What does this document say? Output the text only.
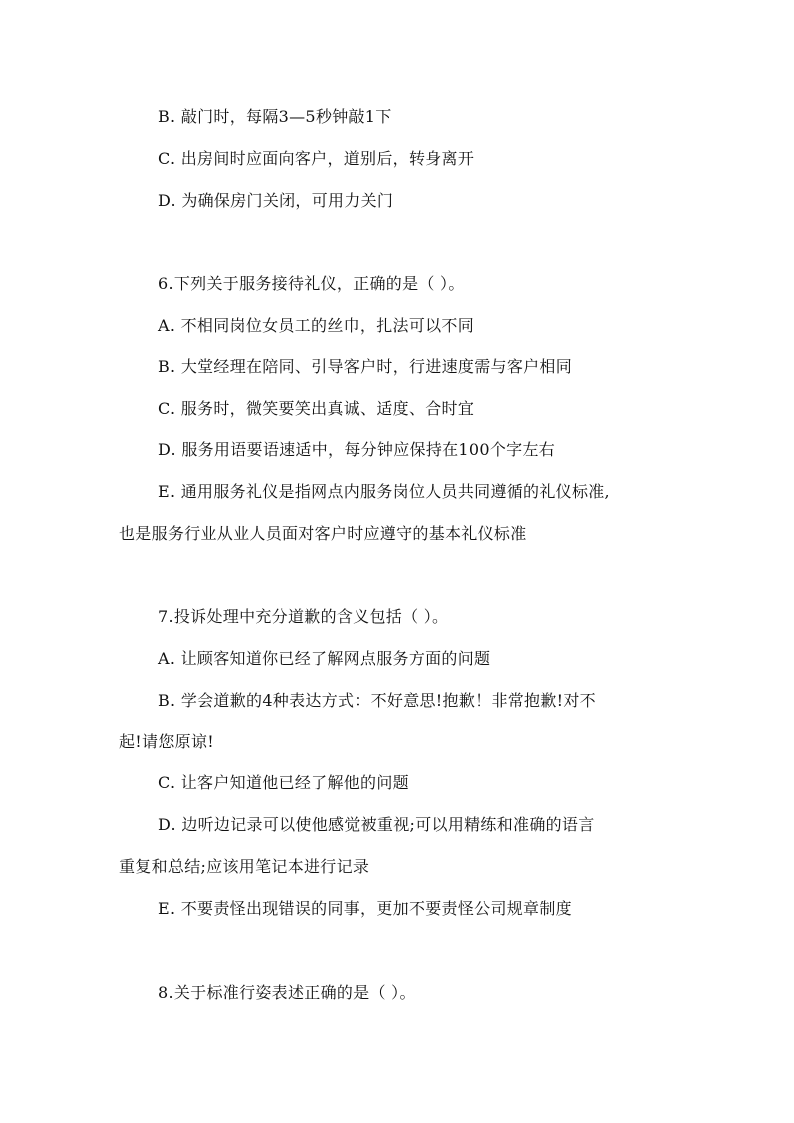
B. 敲门时，每隔3—5秒钟敲1下
C. 出房间时应面向客户，道别后，转身离开
D. 为确保房门关闭，可用力关门
6.下列关于服务接待礼仪，正确的是（ ）。
A. 不相同岗位女员工的丝巾，扎法可以不同
B. 大堂经理在陪同、引导客户时，行进速度需与客户相同
C. 服务时，微笑要笑出真诚、适度、合时宜
D. 服务用语要语速适中，每分钟应保持在100个字左右
E. 通用服务礼仪是指网点内服务岗位人员共同遵循的礼仪标准,
也是服务行业从业人员面对客户时应遵守的基本礼仪标准
7.投诉处理中充分道歉的含义包括（ ）。
A. 让顾客知道你已经了解网点服务方面的问题
B. 学会道歉的4种表达方式：不好意思!抱歉！非常抱歉!对不
起!请您原谅!
C. 让客户知道他已经了解他的问题
D. 边听边记录可以使他感觉被重视;可以用精练和准确的语言
重复和总结;应该用笔记本进行记录
E. 不要责怪出现错误的同事，更加不要责怪公司规章制度
8.关于标准行姿表述正确的是（ ）。
